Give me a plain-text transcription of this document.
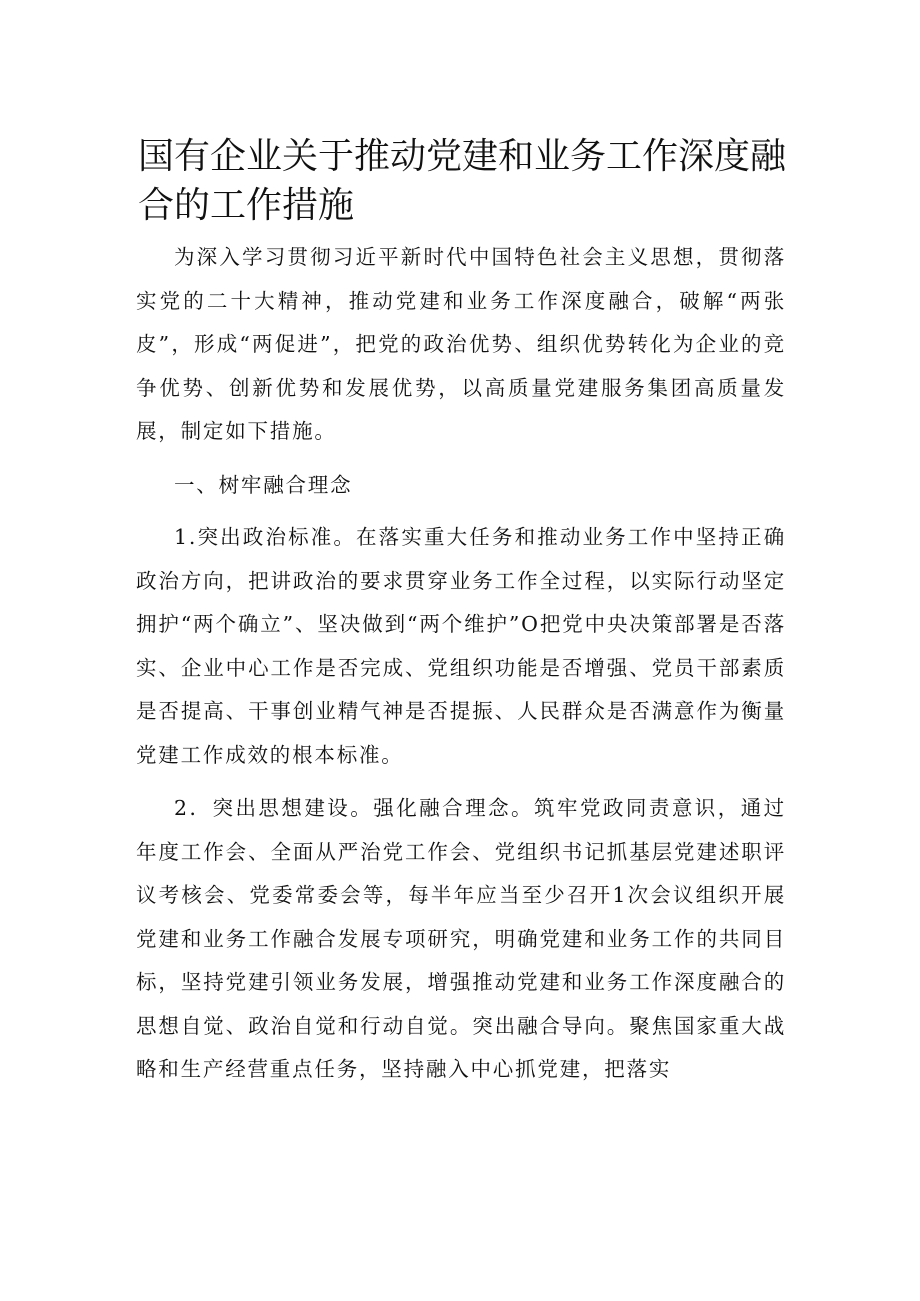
国有企业关于推动党建和业务工作深度融合的工作措施

为深入学习贯彻习近平新时代中国特色社会主义思想，贯彻落实党的二十大精神，推动党建和业务工作深度融合，破解“两张皮”，形成“两促进”，把党的政治优势、组织优势转化为企业的竞争优势、创新优势和发展优势，以高质量党建服务集团高质量发展，制定如下措施。

一、树牢融合理念

1.突出政治标准。在落实重大任务和推动业务工作中坚持正确政治方向，把讲政治的要求贯穿业务工作全过程，以实际行动坚定拥护“两个确立”、坚决做到“两个维护”O把党中央决策部署是否落实、企业中心工作是否完成、党组织功能是否增强、党员干部素质是否提高、干事创业精气神是否提振、人民群众是否满意作为衡量党建工作成效的根本标准。

2．突出思想建设。强化融合理念。筑牢党政同责意识，通过年度工作会、全面从严治党工作会、党组织书记抓基层党建述职评议考核会、党委常委会等，每半年应当至少召开1次会议组织开展党建和业务工作融合发展专项研究，明确党建和业务工作的共同目标，坚持党建引领业务发展，增强推动党建和业务工作深度融合的思想自觉、政治自觉和行动自觉。突出融合导向。聚焦国家重大战略和生产经营重点任务，坚持融入中心抓党建，把落实
